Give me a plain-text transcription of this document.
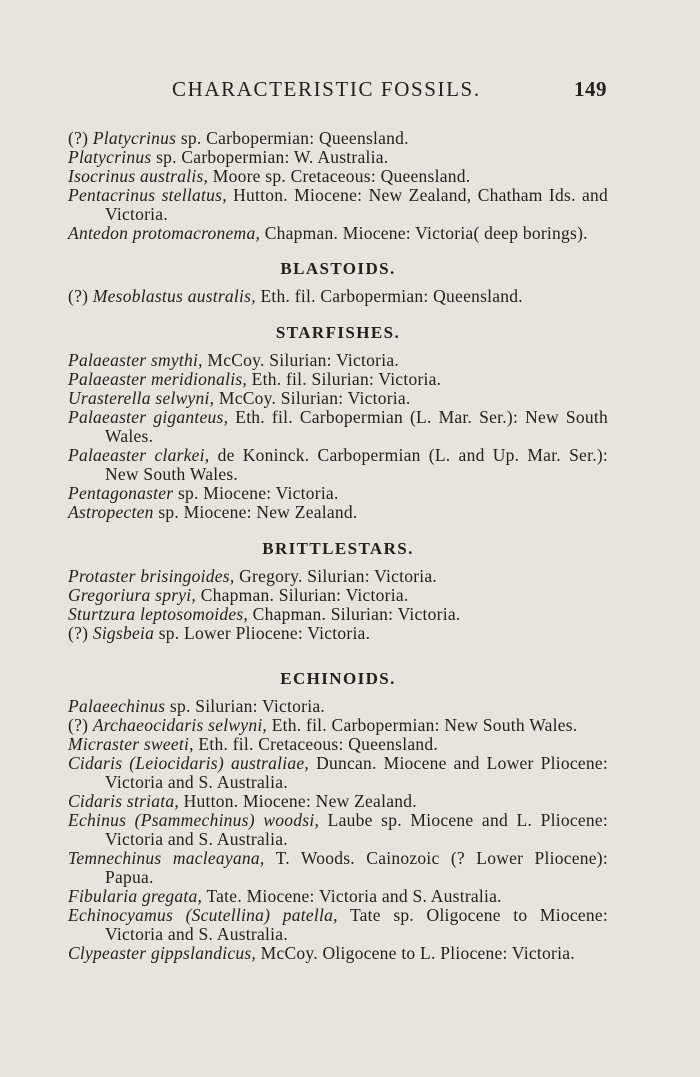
CHARACTERISTIC FOSSILS.	149

(?) Platycrinus sp. Carbopermian: Queensland.

Platycrinus sp. Carbopermian: W. Australia.

Isocrinus australis, Moore sp. Cretaceous: Queensland.

Pentacrinus stellatus, Hutton. Miocene: New Zealand, Chatham Ids. and Victoria.

Antedon protomacronema, Chapman. Miocene: Victoria( deep borings).

BLASTOIDS.

(?) Mesoblastus australis, Eth. fil. Carbopermian: Queensland.

STARFISHES.

Palaeaster smythi, McCoy. Silurian: Victoria.

Palaeaster meridionalis, Eth. fil. Silurian: Victoria.

Urasterella selwyni, McCoy. Silurian: Victoria.

Palaeaster giganteus, Eth. fil. Carbopermian (L. Mar. Ser.): New South Wales.

Palaeaster clarkei, de Koninck. Carbopermian (L. and Up. Mar. Ser.): New South Wales.

Pentagonaster sp. Miocene: Victoria.

Astropecten sp. Miocene: New Zealand.

BRITTLESTARS.

Protaster brisingoides, Gregory. Silurian: Victoria.

Gregoriura spryi, Chapman. Silurian: Victoria.

Sturtzura leptosomoides, Chapman. Silurian: Victoria.

(?) Sigsbeia sp. Lower Pliocene: Victoria.

ECHINOIDS.

Palaeechinus sp. Silurian: Victoria.

(?) Archaeocidaris selwyni, Eth. fil. Carbopermian: New South Wales.

Micraster sweeti, Eth. fil. Cretaceous: Queensland.

Cidaris (Leiocidaris) australiae, Duncan. Miocene and Lower Pliocene: Victoria and S. Australia.

Cidaris striata, Hutton. Miocene: New Zealand.

Echinus (Psammechinus) woodsi, Laube sp. Miocene and L. Pliocene: Victoria and S. Australia.

Temnechinus macleayana, T. Woods. Cainozoic (? Lower Pliocene): Papua.

Fibularia gregata, Tate. Miocene: Victoria and S. Australia.

Echinocyamus (Scutellina) patella, Tate sp. Oligocene to Miocene: Victoria and S. Australia.

Clypeaster gippslandicus, McCoy. Oligocene to L. Pliocene: Victoria.
